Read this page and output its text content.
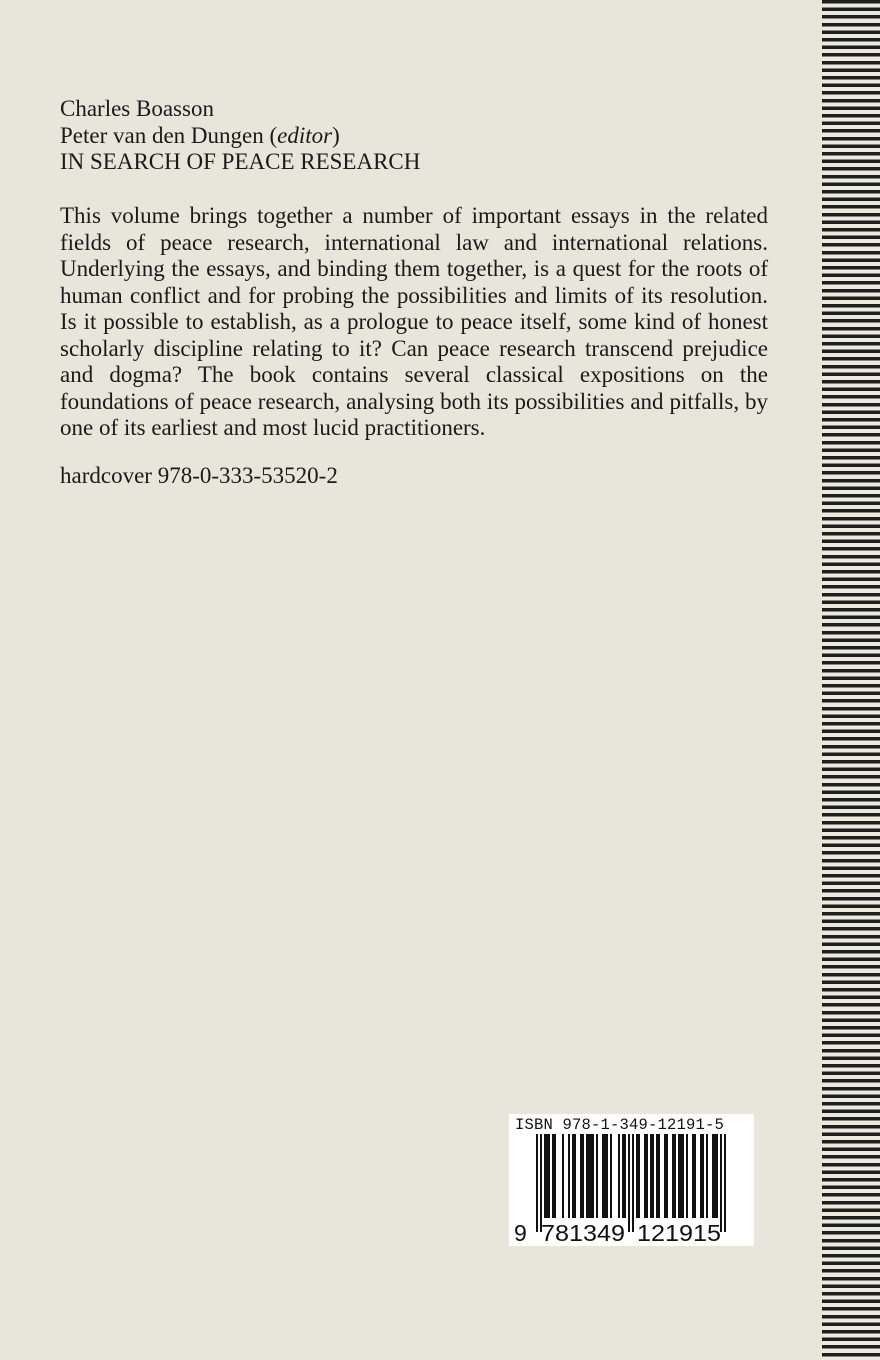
Charles Boasson
Peter van den Dungen (editor)
IN SEARCH OF PEACE RESEARCH

This volume brings together a number of important essays in the related fields of peace research, international law and international relations. Underlying the essays, and binding them together, is a quest for the roots of human conflict and for probing the possibilities and limits of its resolution. Is it possible to establish, as a prologue to peace itself, some kind of honest scholarly discipline relating to it? Can peace research transcend prejudice and dogma? The book contains several classical expositions on the foundations of peace research, analysing both its possibilities and pitfalls, by one of its earliest and most lucid practitioners.

hardcover 978-0-333-53520-2
ISBN 978-1-349-12191-5
9 781349 121915
